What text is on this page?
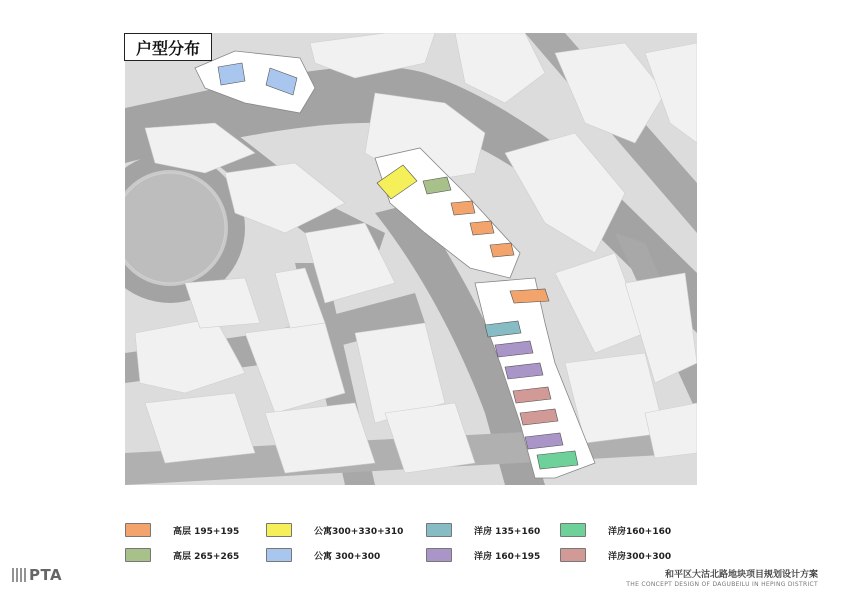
户型分布
高层 195+195
高层 265+265
公寓300+330+310
公寓 300+300
洋房 135+160
洋房 160+195
洋房160+160
洋房300+300
PTA	和平区大沽北路地块项目规划设计方案
THE CONCEPT DESIGN OF DAGUBEILU IN HEPING DISTRICT
